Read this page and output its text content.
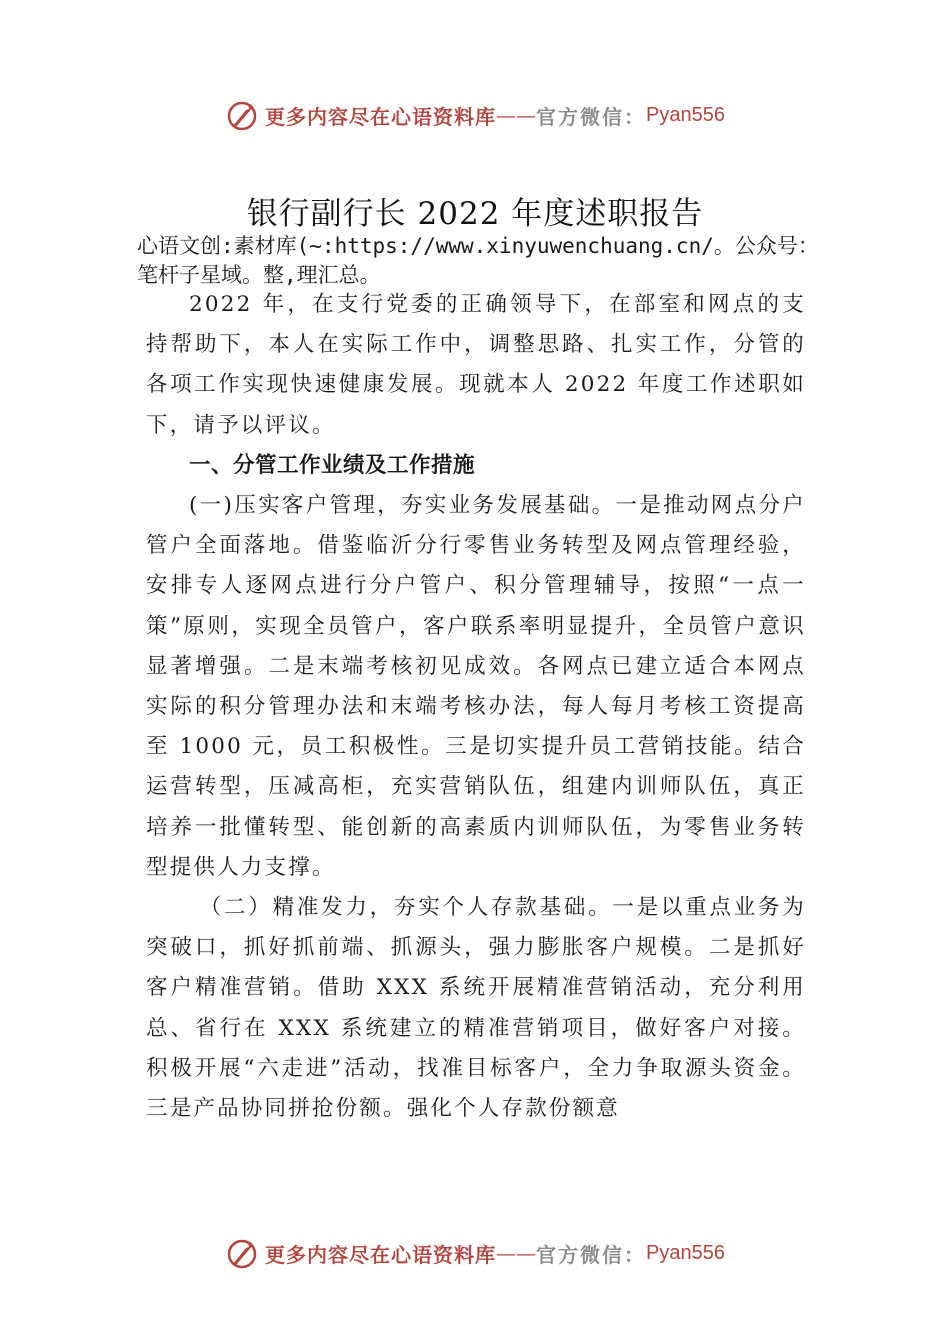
更多内容尽在心语资料库 —— 官方微信： Pyan556
银行副行长 2022 年度述职报告
心语文创:素材库(~:https://www.xinyuwenchuang.cn/。公众号：笔杆子星域。整,理汇总。

2022 年，在支行党委的正确领导下，在部室和网点的支持帮助下，本人在实际工作中，调整思路、扎实工作，分管的各项工作实现快速健康发展。现就本人 2022 年度工作述职如下，请予以评议。

一、分管工作业绩及工作措施

(一)压实客户管理，夯实业务发展基础。一是推动网点分户管户全面落地。借鉴临沂分行零售业务转型及网点管理经验，安排专人逐网点进行分户管户、积分管理辅导，按照“一点一策”原则，实现全员管户，客户联系率明显提升，全员管户意识显著增强。二是末端考核初见成效。各网点已建立适合本网点实际的积分管理办法和末端考核办法，每人每月考核工资提高至 1000 元，员工积极性。三是切实提升员工营销技能。结合运营转型，压减高柜，充实营销队伍，组建内训师队伍，真正培养一批懂转型、能创新的高素质内训师队伍，为零售业务转型提供人力支撑。

（二）精准发力，夯实个人存款基础。一是以重点业务为突破口，抓好抓前端、抓源头，强力膨胀客户规模。二是抓好客户精准营销。借助 XXX 系统开展精准营销活动，充分利用总、省行在 XXX 系统建立的精准营销项目，做好客户对接。积极开展“六走进”活动，找准目标客户，全力争取源头资金。三是产品协同拼抢份额。强化个人存款份额意

更多内容尽在心语资料库 —— 官方微信： Pyan556
